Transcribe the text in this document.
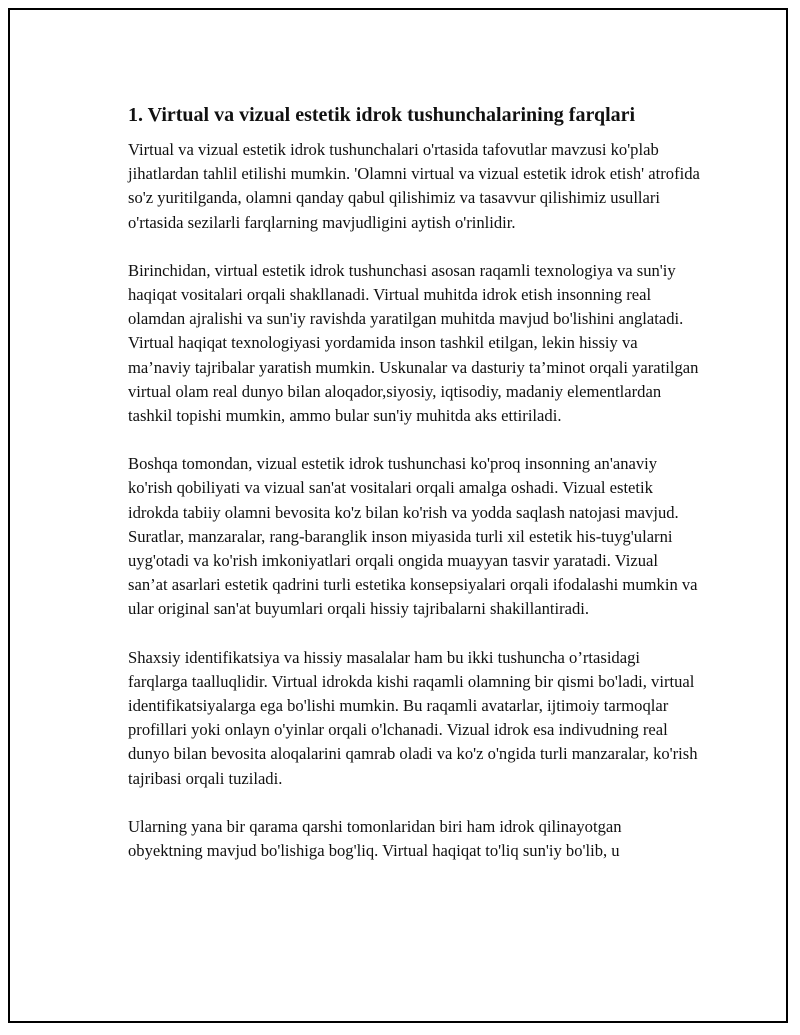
1. Virtual va vizual estetik idrok tushunchalarining farqlari

Virtual va vizual estetik idrok tushunchalari o'rtasida tafovutlar mavzusi ko'plab jihatlardan tahlil etilishi mumkin. 'Olamni virtual va vizual estetik idrok etish' atrofida so'z yuritilganda, olamni qanday qabul qilishimiz va tasavvur qilishimiz usullari o'rtasida sezilarli farqlarning mavjudligini aytish o'rinlidir.

Birinchidan, virtual estetik idrok tushunchasi asosan raqamli texnologiya va sun'iy haqiqat vositalari orqali shakllanadi. Virtual muhitda idrok etish insonning real olamdan ajralishi va sun'iy ravishda yaratilgan muhitda mavjud bo'lishini anglatadi. Virtual haqiqat texnologiyasi yordamida inson tashkil etilgan, lekin hissiy va ma’naviy tajribalar yaratish mumkin. Uskunalar va dasturiy ta’minot orqali yaratilgan virtual olam real dunyo bilan aloqador,siyosiy, iqtisodiy, madaniy elementlardan tashkil topishi mumkin, ammo bular sun'iy muhitda aks ettiriladi.

Boshqa tomondan, vizual estetik idrok tushunchasi ko'proq insonning an'anaviy ko'rish qobiliyati va vizual san'at vositalari orqali amalga oshadi. Vizual estetik idrokda tabiiy olamni bevosita ko'z bilan ko'rish va yodda saqlash natojasi mavjud. Suratlar, manzaralar, rang-baranglik inson miyasida turli xil estetik his-tuyg'ularni uyg'otadi va ko'rish imkoniyatlari orqali ongida muayyan tasvir yaratadi. Vizual san’at asarlari estetik qadrini turli estetika konsepsiyalari orqali ifodalashi mumkin va ular original san'at buyumlari orqali hissiy tajribalarni shakillantiradi.

Shaxsiy identifikatsiya va hissiy masalalar ham bu ikki tushuncha o’rtasidagi farqlarga taalluqlidir. Virtual idrokda kishi raqamli olamning bir qismi bo'ladi, virtual identifikatsiyalarga ega bo'lishi mumkin. Bu raqamli avatarlar, ijtimoiy tarmoqlar profillari yoki onlayn o'yinlar orqali o'lchanadi. Vizual idrok esa indivudning real dunyo bilan bevosita aloqalarini qamrab oladi va ko'z o'ngida turli manzaralar, ko'rish tajribasi orqali tuziladi.

Ularning yana bir qarama qarshi tomonlaridan biri ham idrok qilinayotgan obyektning mavjud bo'lishiga bog'liq. Virtual haqiqat to'liq sun'iy bo'lib, u
